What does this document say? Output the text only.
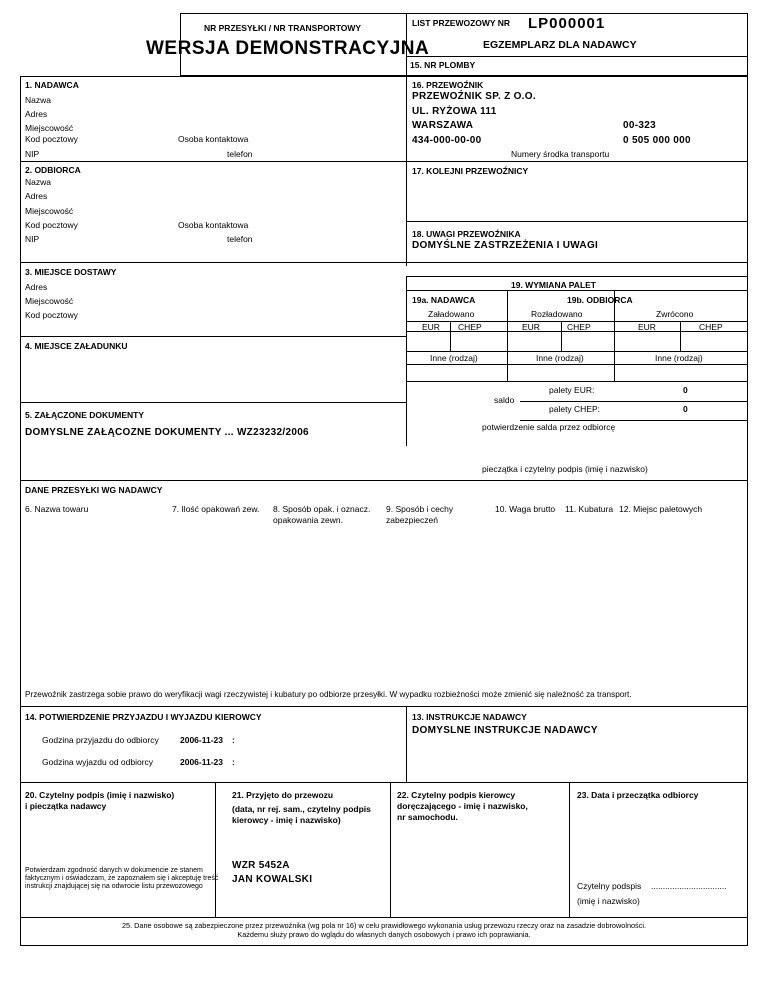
NR PRZESYŁKI / NR TRANSPORTOWY	LIST PRZEWOZOWY NR LP000001
WERSJA DEMONSTRACYJNA	EGZEMPLARZ DLA NADAWCY
15. NR PLOMBY
1. NADAWCA
Nazwa
Adres
Miejscowość
Kod pocztowy	Osoba kontaktowa
NIP	telefon
16. PRZEWOŹNIK
PRZEWOŹNIK SP. Z O.O.
UL. RYŻOWA 111
WARSZAWA	00-323
434-000-00-00	0 505 000 000
Numery środka transportu
2. ODBIORCA
Nazwa
Adres
Miejscowość
Kod pocztowy	Osoba kontaktowa
NIP	telefon
17. KOLEJNI PRZEWOŹNICY
18. UWAGI PRZEWOŹNIKA
DOMYŚLNE ZASTRZEŻENIA I UWAGI
3. MIEJSCE DOSTAWY
Adres
Miejscowość
Kod pocztowy
19. WYMIANA PALET
19a. NADAWCA	19b. ODBIORCA
Załadowano	Rozładowano	Zwrócono
EUR CHEP	EUR	CHEP	EUR	CHEP
Inne (rodzaj)	Inne (rodzaj)	Inne (rodzaj)
saldo
palety EUR:	0
palety CHEP:	0
potwierdzenie salda przez odbiorcę
pieczątka i czytelny podpis (imię i nazwisko)
4. MIEJSCE ZAŁADUNKU
5. ZAŁĄCZONE DOKUMENTY
DOMYSLNE ZAŁĄCOZNE DOKUMENTY ... WZ23232/2006
DANE PRZESYŁKI WG NADAWCY
6. Nazwa towaru	7. Ilość opakowań zew. 8. Sposób opak. i oznacz.
opakowania zewn.
9. Sposób i cechy
zabezpieczeń
10. Waga brutto 11. Kubatura 12. Miejsc paletowych
Przewoźnik zastrzega sobie prawo do weryfikacji wagi rzeczywistej i kubatury po odbiorze przesyłki. W wypadku rozbieżności może zmienić się należność za transport.
14. POTWIERDZENIE PRZYJAZDU I WYJAZDU KIEROWCY
Godzina przyjazdu do odbiorcy	2006-11-23 :
Godzina wyjazdu od odbiorcy	2006-11-23 :
13. INSTRUKCJE NADAWCY
DOMYSLNE INSTRUKCJE NADAWCY
20. Czytelny podpis (imię i nazwisko)
i pieczątka nadawcy
Potwierdzam zgodność danych w dokumencie ze stanem
faktycznym i oświadczam, że zapoznałem się i akceptuję treść
instrukcji znajdującej się na odwrocie listu przewozowego
21. Przyjęto do przewozu
(data, nr rej. sam., czytelny podpis
kierowcy - imię i nazwisko)
WZR 5452A
JAN KOWALSKI
22. Czytelny podpis kierowcy
doręczającego - imię i nazwisko,
nr samochodu.
23. Data i przeczątka odbiorcy
Czytelny podspis ................................
(imię i nazwisko)
25. Dane osobowe są zabezpieczone przez przewoźnika (wg pola nr 16) w celu prawidłowego wykonania usług przewozu rzeczy oraz na zasadzie dobrowolności.
Każdemu służy prawo do wglądu do własnych danych osobowych i prawo ich poprawiania.
